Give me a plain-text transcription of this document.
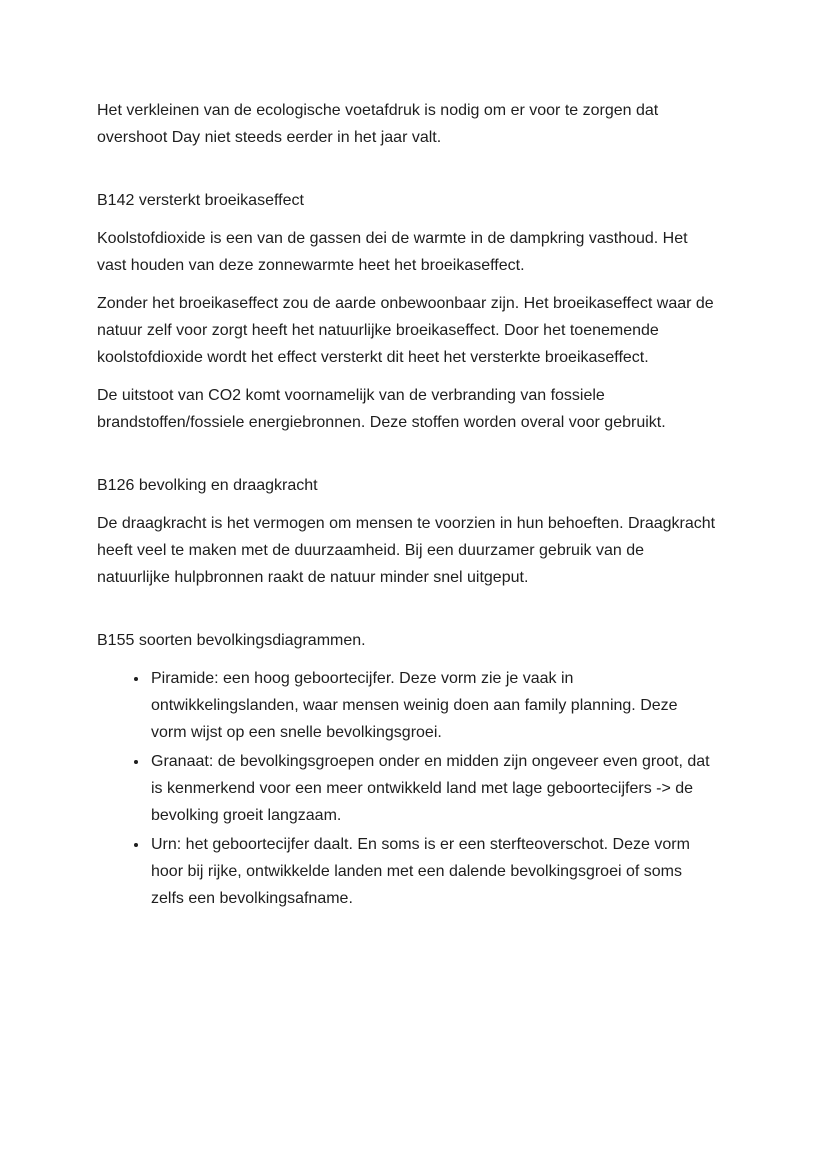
Het verkleinen van de ecologische voetafdruk is nodig om er voor te zorgen dat overshoot Day niet steeds eerder in het jaar valt.

B142 versterkt broeikaseffect

Koolstofdioxide is een van de gassen dei de warmte in de dampkring vasthoud. Het vast houden van deze zonnewarmte heet het broeikaseffect.

Zonder het broeikaseffect zou de aarde onbewoonbaar zijn. Het broeikaseffect waar de natuur zelf voor zorgt heeft het natuurlijke broeikaseffect. Door het toenemende koolstofdioxide wordt het effect versterkt dit heet het versterkte broeikaseffect.

De uitstoot van CO2 komt voornamelijk van de verbranding van fossiele brandstoffen/fossiele energiebronnen. Deze stoffen worden overal voor gebruikt.

B126 bevolking en draagkracht

De draagkracht is het vermogen om mensen te voorzien in hun behoeften. Draagkracht heeft veel te maken met de duurzaamheid. Bij een duurzamer gebruik van de natuurlijke hulpbronnen raakt de natuur minder snel uitgeput.

B155 soorten bevolkingsdiagrammen.

• Piramide: een hoog geboortecijfer. Deze vorm zie je vaak in ontwikkelingslanden, waar mensen weinig doen aan family planning. Deze vorm wijst op een snelle bevolkingsgroei.
• Granaat: de bevolkingsgroepen onder en midden zijn ongeveer even groot, dat is kenmerkend voor een meer ontwikkeld land met lage geboortecijfers -> de bevolking groeit langzaam.
• Urn: het geboortecijfer daalt. En soms is er een sterfteoverschot. Deze vorm hoor bij rijke, ontwikkelde landen met een dalende bevolkingsgroei of soms zelfs een bevolkingsafname.
